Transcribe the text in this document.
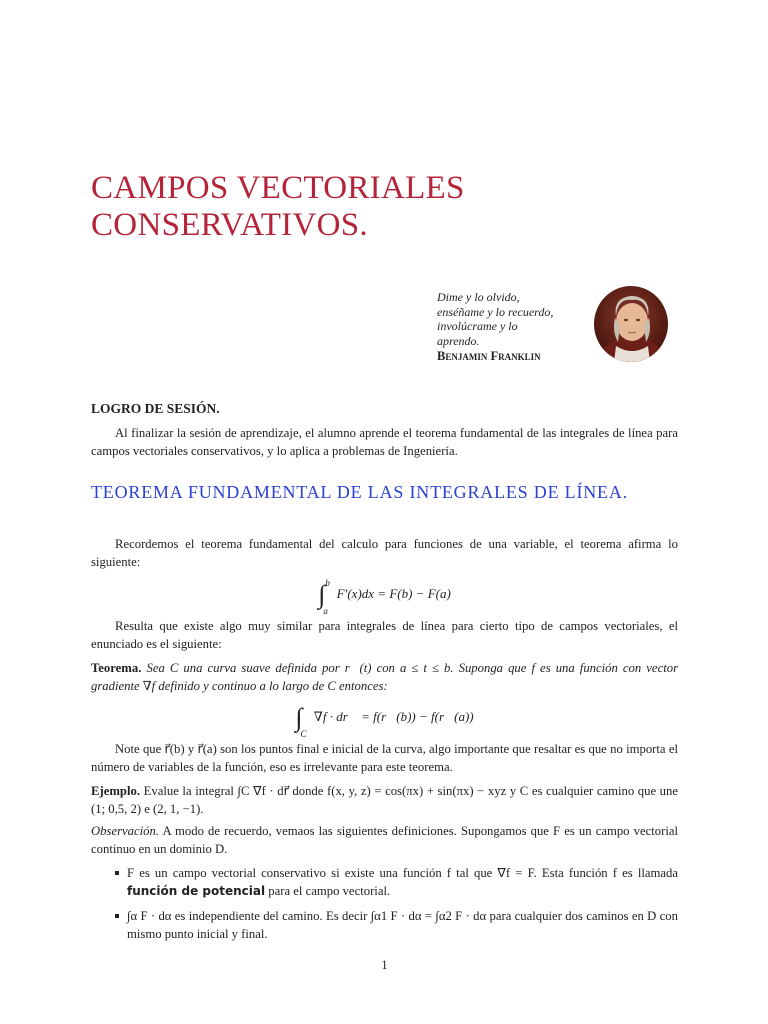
CAMPOS VECTORIALES
CONSERVATIVOS.
Dime y lo olvido,
enséñame y lo recuerdo,
involúcrame y lo
aprendo.
Benjamin Franklin
LOGRO DE SESIÓN.
Al finalizar la sesión de aprendizaje, el alumno aprende el teorema fundamental de las integrales de línea para campos vectoriales conservativos, y lo aplica a problemas de Ingeniería.
TEOREMA FUNDAMENTAL DE LAS INTEGRALES DE LÍNEA.
Recordemos el teorema fundamental del calculo para funciones de una variable, el teorema afirma lo siguiente:
∫ b
a
F′(x)dx = F(b) − F(a)
Resulta que existe algo muy similar para integrales de línea para cierto tipo de campos vectoriales, el enunciado es el siguiente:
Teorema. Sea C una curva suave definida por r⃗(t) con a ≤ t ≤ b. Suponga que f es una función con vector gradiente ∇f definido y continuo a lo largo de C entonces:
∫
C
∇f · dr⃗ = f(r⃗(b)) − f(r⃗(a))
Note que r⃗(b) y r⃗(a) son los puntos final e inicial de la curva, algo importante que resaltar es que no importa el número de variables de la función, eso es irrelevante para este teorema.
Ejemplo. Evalue la integral ∫C ∇f · dr⃗ donde f(x, y, z) = cos(πx) + sin(πx) − xyz y C es cualquier camino que une (1; 0,5, 2) e (2, 1, −1).
Observación. A modo de recuerdo, vemaos las siguientes definiciones. Supongamos que F es un campo vectorial continuo en un dominio D.
F es un campo vectorial conservativo si existe una función f tal que ∇f = F. Esta función f es llamada función de potencial para el campo vectorial.
∫α F · dα es independiente del camino. Es decir ∫α1 F · dα = ∫α2 F · dα para cualquier dos caminos en D con mismo punto inicial y final.
1
